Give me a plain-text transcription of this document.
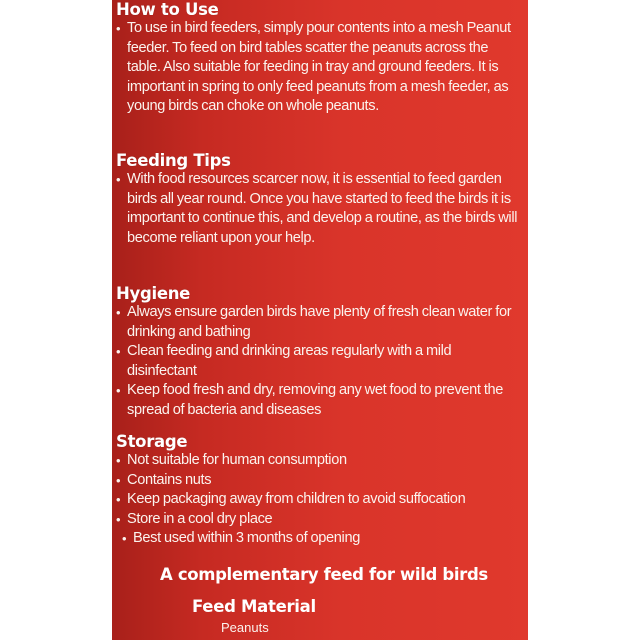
How to Use
• To use in bird feeders, simply pour contents into a mesh Peanut feeder. To feed on bird tables scatter the peanuts across the table. Also suitable for feeding in tray and ground feeders. It is important in spring to only feed peanuts from a mesh feeder, as young birds can choke on whole peanuts.
Feeding Tips
• With food resources scarcer now, it is essential to feed garden birds all year round. Once you have started to feed the birds it is important to continue this, and develop a routine, as the birds will become reliant upon your help.
Hygiene
• Always ensure garden birds have plenty of fresh clean water for drinking and bathing
• Clean feeding and drinking areas regularly with a mild disinfectant
• Keep food fresh and dry, removing any wet food to prevent the spread of bacteria and diseases
Storage
• Not suitable for human consumption
• Contains nuts
• Keep packaging away from children to avoid suffocation
• Store in a cool dry place
• Best used within 3 months of opening
A complementary feed for wild birds
Feed Material
Peanuts
